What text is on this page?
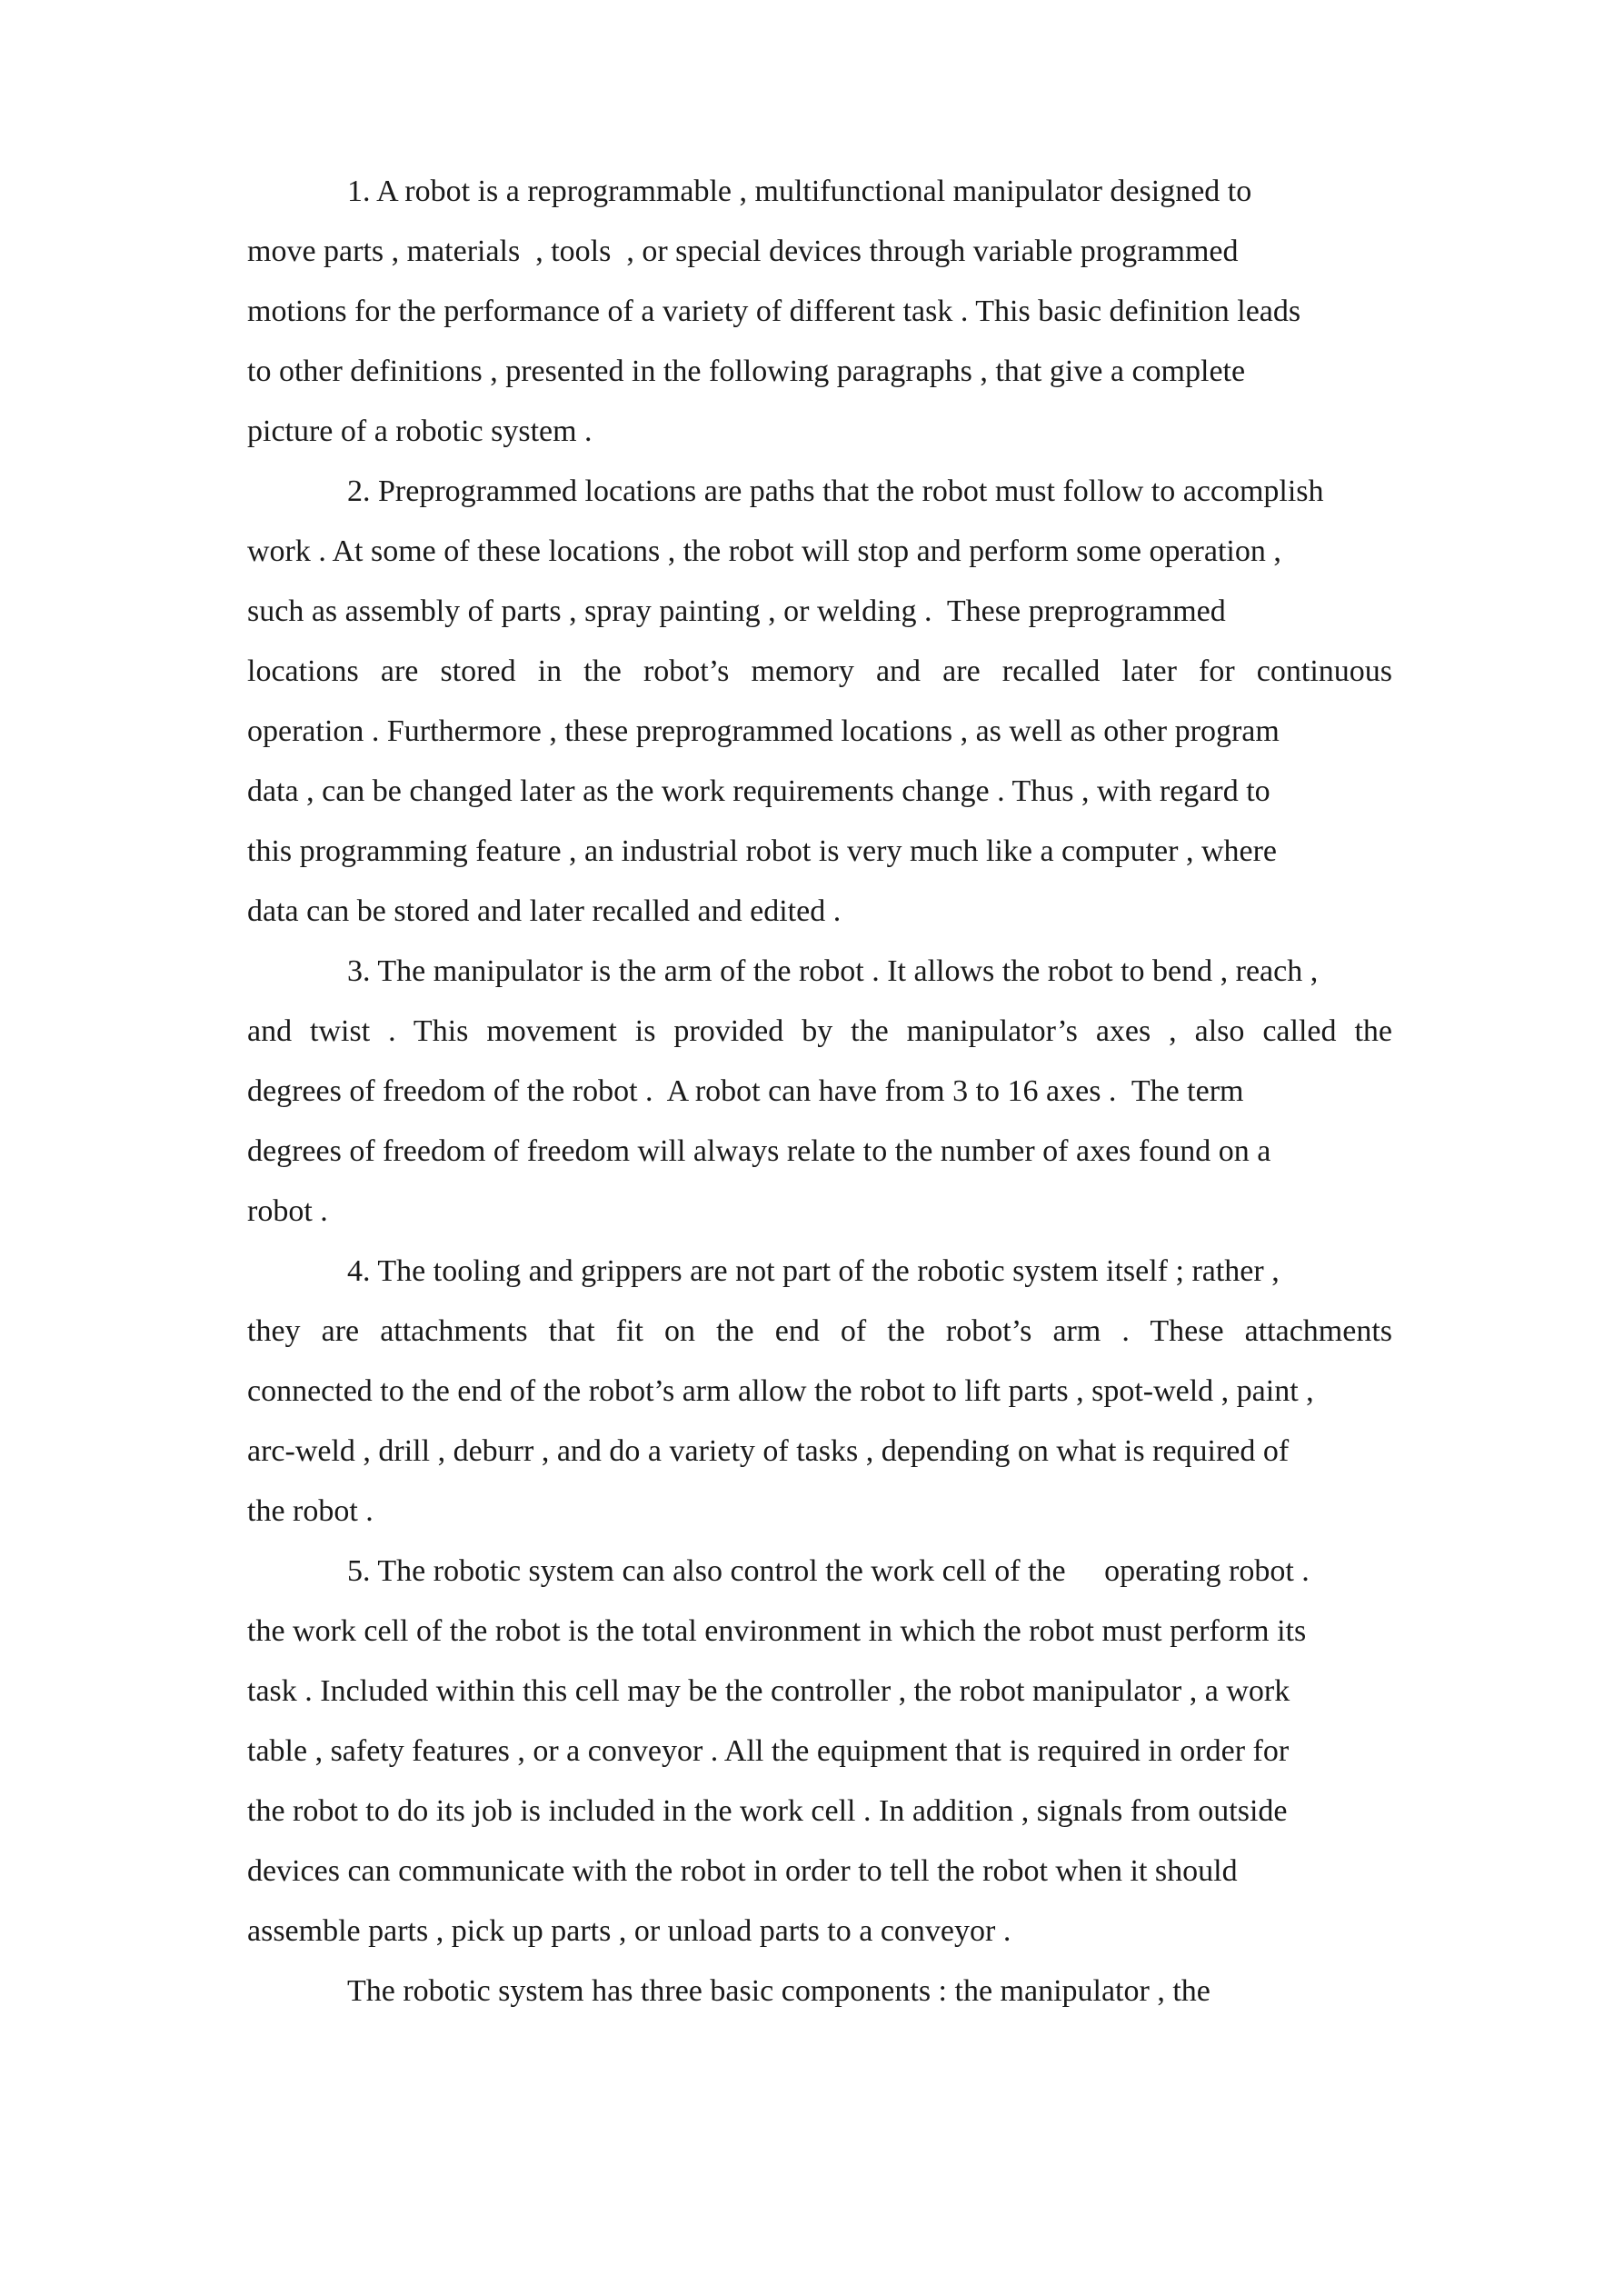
1. A robot is a reprogrammable , multifunctional manipulator designed to
move parts , materials  , tools  , or special devices through variable programmed
motions for the performance of a variety of different task . This basic definition leads
to other definitions , presented in the following paragraphs , that give a complete
picture of a robotic system .
2. Preprogrammed locations are paths that the robot must follow to accomplish
work . At some of these locations , the robot will stop and perform some operation ,
such as assembly of parts , spray painting , or welding .  These preprogrammed
locations are stored in the robot’s memory and are recalled later for continuous
operation . Furthermore , these preprogrammed locations , as well as other program
data , can be changed later as the work requirements change . Thus , with regard to
this programming feature , an industrial robot is very much like a computer , where
data can be stored and later recalled and edited .
3. The manipulator is the arm of the robot . It allows the robot to bend , reach ,
and twist . This movement is provided by the manipulator’s axes , also called the
degrees of freedom of the robot .  A robot can have from 3 to 16 axes .  The term
degrees of freedom of freedom will always relate to the number of axes found on a
robot .
4. The tooling and grippers are not part of the robotic system itself ; rather ,
they are attachments that fit on the end of the robot’s arm . These attachments
connected to the end of the robot’s arm allow the robot to lift parts , spot-weld , paint ,
arc-weld , drill , deburr , and do a variety of tasks , depending on what is required of
the robot .
5. The robotic system can also control the work cell of the     operating robot .
the work cell of the robot is the total environment in which the robot must perform its
task . Included within this cell may be the controller , the robot manipulator , a work
table , safety features , or a conveyor . All the equipment that is required in order for
the robot to do its job is included in the work cell . In addition , signals from outside
devices can communicate with the robot in order to tell the robot when it should
assemble parts , pick up parts , or unload parts to a conveyor .
The robotic system has three basic components : the manipulator , the
